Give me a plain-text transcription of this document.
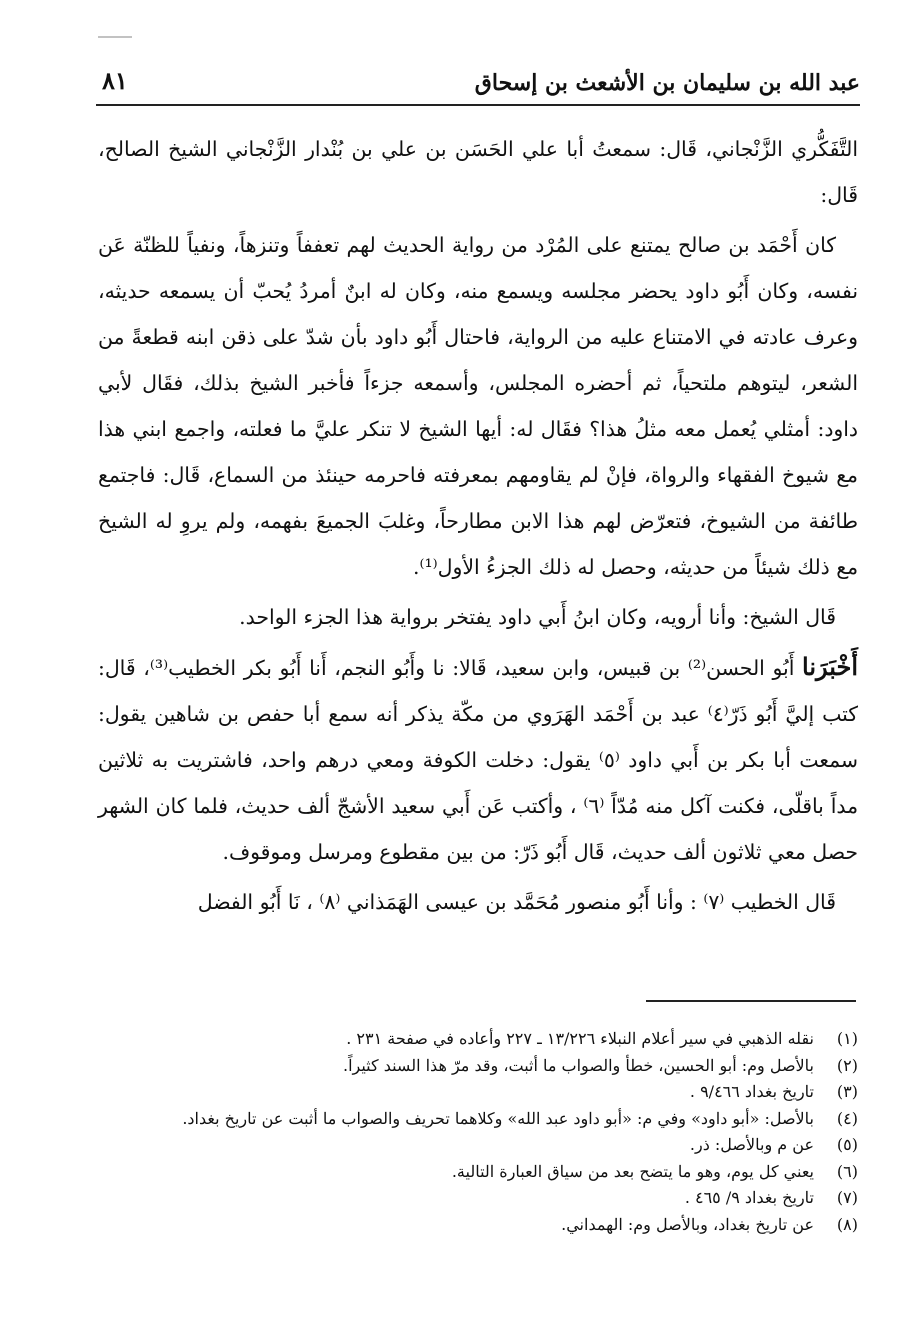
عبد الله بن سليمان بن الأشعث بن إسحاق
٨١

التَّفَكُّري الزَّنْجاني، قَال: سمعتُ أبا علي الحَسَن بن علي بن بُنْدار الزَّنْجاني الشيخ الصالح، قَال:

كان أَحْمَد بن صالح يمتنع على المُرْد من رواية الحديث لهم تعففاً وتنزهاً، ونفياً للظنّة عَن نفسه، وكان أَبُو داود يحضر مجلسه ويسمع منه، وكان له ابنٌ أمردُ يُحبّ أن يسمعه حديثه، وعرف عادته في الامتناع عليه من الرواية، فاحتال أَبُو داود بأن شدّ على ذقن ابنه قطعةً من الشعر، ليتوهم ملتحياً، ثم أحضره المجلس، وأسمعه جزءاً فأخبر الشيخ بذلك، فقَال لأبي داود: أمثلي يُعمل معه مثلُ هذا؟ فقَال له: أيها الشيخ لا تنكر عليَّ ما فعلته، واجمع ابني هذا مع شيوخ الفقهاء والرواة، فإنْ لم يقاومهم بمعرفته فاحرمه حينئذ من السماع، قَال: فاجتمع طائفة من الشيوخ، فتعرّض لهم هذا الابن مطارحاً، وغلبَ الجميعَ بفهمه، ولم يروِ له الشيخ مع ذلك شيئاً من حديثه، وحصل له ذلك الجزءُ الأول⁽¹⁾.

قَال الشيخ: وأنا أرويه، وكان ابنُ أَبي داود يفتخر برواية هذا الجزء الواحد.

أَخْبَرَنا أَبُو الحسن⁽²⁾ بن قبيس، وابن سعيد، قَالا: نا وأَبُو النجم، أَنا أَبُو بكر الخطيب⁽³⁾، قَال: كتب إليَّ أَبُو ذَرّ⁽٤⁾ عبد بن أَحْمَد الهَرَوي من مكّة يذكر أنه سمع أبا حفص بن شاهين يقول: سمعت أبا بكر بن أَبي داود ⁽٥⁾ يقول: دخلت الكوفة ومعي درهم واحد، فاشتريت به ثلاثين مداً باقلّى، فكنت آكل منه مُدّاً ⁽٦⁾ ، وأكتب عَن أَبي سعيد الأشجّ ألف حديث، فلما كان الشهر حصل معي ثلاثون ألف حديث، قَال أَبُو ذَرّ: من بين مقطوع ومرسل وموقوف.

قَال الخطيب ⁽٧⁾ : وأنا أَبُو منصور مُحَمَّد بن عيسى الهَمَذاني ⁽٨⁾ ، نَا أَبُو الفضل

(١)
نقله الذهبي في سير أعلام النبلاء ١٣/٢٢٦ ـ ٢٢٧ وأعاده في صفحة ٢٣١ .
(٢)
بالأصل وم: أبو الحسين، خطأ والصواب ما أثبت، وقد مرّ هذا السند كثيراً.
(٣)
تاريخ بغداد ٩/٤٦٦ .
(٤)
بالأصل: «أبو داود» وفي م: «أبو داود عبد الله» وكلاهما تحريف والصواب ما أثبت عن تاريخ بغداد.
(٥)
عن م وبالأصل: ذر.
(٦)
يعني كل يوم، وهو ما يتضح بعد من سياق العبارة التالية.
(٧)
تاريخ بغداد ٩/ ٤٦٥ .
(٨)
عن تاريخ بغداد، وبالأصل وم: الهمداني.
